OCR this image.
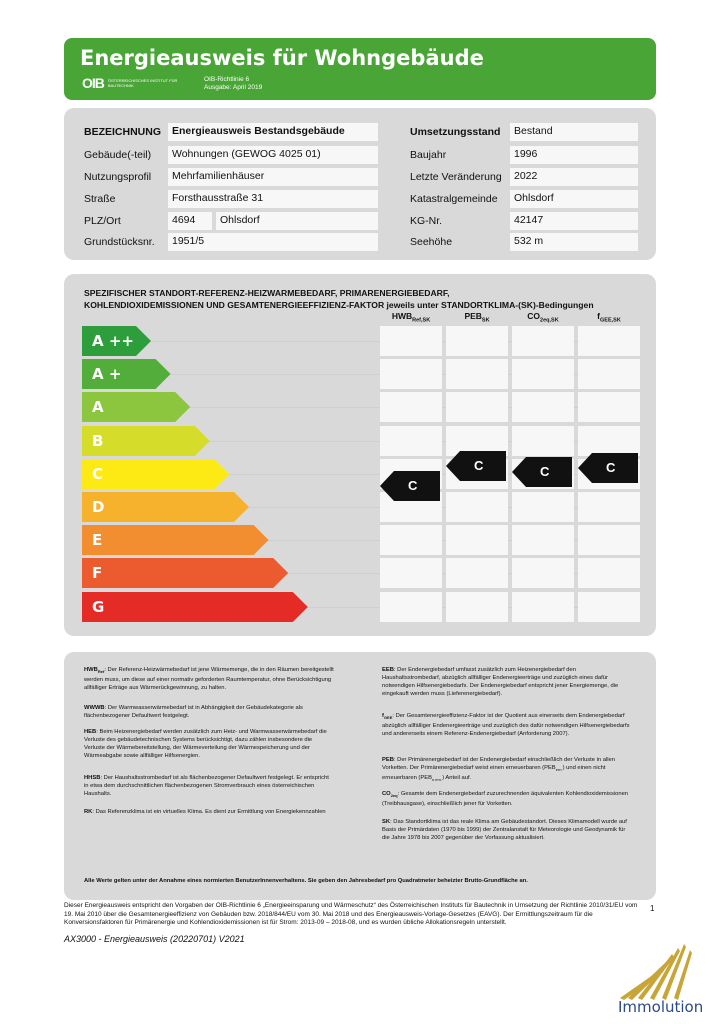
Energieausweis für Wohngebäude
OIB ÖSTERREICHISCHES INSTITUT FÜR BAUTECHNIK
OIB-Richtlinie 6
Ausgabe: April 2019
BEZEICHNUNG	Energieausweis Bestandsgebäude
Gebäude(-teil)	Wohnungen (GEWOG 4025 01)
Nutzungsprofil	Mehrfamilienhäuser
Straße	Forsthausstraße 31
PLZ/Ort	4694	Ohlsdorf
Grundstücksnr.	1951/5
Umsetzungsstand	Bestand
Baujahr	1996
Letzte Veränderung	2022
Katastralgemeinde	Ohlsdorf
KG-Nr.	42147
Seehöhe	532 m
SPEZIFISCHER STANDORT-REFERENZ-HEIZWARMEBEDARF, PRIMARENERGIEBEDARF,
KOHLENDIOXIDEMISSIONEN UND GESAMTENERGIEEFFIZIENZ-FAKTOR jeweils unter STANDORTKLIMA-(SK)-Bedingungen
$HWB_{Ref,SK}$	$PEB_{SK}$	$CO_{2eq,SK}$	$f_{GEE,SK}$
A ++
A +
A
B
C
D
E
F
G
C
C	C	C
$HWB_{Ref}$: Der Referenz-Heizwärmebedarf ist jene Wärmemenge, die in den Räumen bereitgestellt werden muss, um diese auf einer normativ geforderten Raumtemperatur, ohne Berücksichtigung allfälliger Erträge aus Wärmerückgewinnung, zu halten.
WWWB: Der Warmwasserwärmebedarf ist in Abhängigkeit der Gebäudekategorie als flächenbezogener Defaultwert festgelegt.
HEB: Beim Heizenergiebedarf werden zusätzlich zum Heiz- und Warmwasserwärmebedarf die Verluste des gebäudetechnischen Systems berücksichtigt, dazu zählen insbesondere die Verluste der Wärmebereitstellung, der Wärmeverteilung der Wärmespeicherung und der Wärmeabgabe sowie allfälliger Hilfsenergien.
HHSB: Der Haushaltsstrombedarf ist als flächenbezogener Defaultwert festgelegt. Er entspricht in etwa dem durchschnittlichen flächenbezogenen Stromverbrauch eines österreichischen Haushalts.
RK: Das Referenzklima ist ein virtuelles Klima. Es dient zur Ermittlung von Energiekennzahlen
EEB: Der Endenergiebedarf umfasst zusätzlich zum Heizenergiebedarf den Haushaltsstrombedarf, abzüglich allfälliger Endenergieerträge und zuzüglich eines dafür notwendigen Hilfsenergiebedarfs. Der Endenergiebedarf entspricht jener Energiemenge, die eingekauft werden muss (Lieferenergiebedarf).
$f_{GEE}$: Der Gesamtenergieeffizienz-Faktor ist der Quotient aus einerseits dem Endenergiebedarf abzüglich allfälliger Endenergieerträge und zuzüglich des dafür notwendigen Hilfsenergiebedarfs und andererseits einem Referenz-Endenergiebedarf (Anforderung 2007).
PEB: Der Primärenergiebedarf ist der Endenergiebedarf einschließlich der Verluste in allen Vorketten. Der Primärenergiebedarf weist einen erneuerbaren $(PEB_{ern.})$ und einen nicht erneuerbaren $(PEB_{n.ern.})$ Anteil auf.
$CO_{2eq}$: Gesamte dem Endenergiebedarf zuzurechnenden äquivalenten Kohlendioxidemissionen (Treibhausgase), einschließlich jener für Vorketten.
SK: Das Standortklima ist das reale Klima am Gebäudestandort. Dieses Klimamodell wurde auf Basis der Primärdaten (1970 bis 1999) der Zentralanstalt für Meteorologie und Geodynamik für die Jahre 1978 bis 2007 gegenüber der Vorfassung aktualisiert.
Alle Werte gelten unter der Annahme eines normierten BenutzerInnenverhaltens. Sie geben den Jahresbedarf pro Quadratmeter beheizter Brutto-Grundfläche an.
Dieser Energieausweis entspricht den Vorgaben der OIB-Richtlinie 6 „Energieeinsparung und Wärmeschutz“ des Österreichischen Instituts für Bautechnik in Umsetzung der Richtlinie 2010/31/EU vom 19. Mai 2010 über die Gesamtenergieeffizienz von Gebäuden bzw. 2018/844/EU vom 30. Mai 2018 und des Energieausweis-Vorlage-Gesetzes (EAVG). Der Ermittlungszeitraum für die Konversionsfaktoren für Primärenergie und Kohlendioxidemissionen ist für Strom: 2013-09 – 2018-08, und es wurden übliche Allokationsregeln unterstellt.
1
AX3000 - Energieausweis (20220701) V2021
Immolution
